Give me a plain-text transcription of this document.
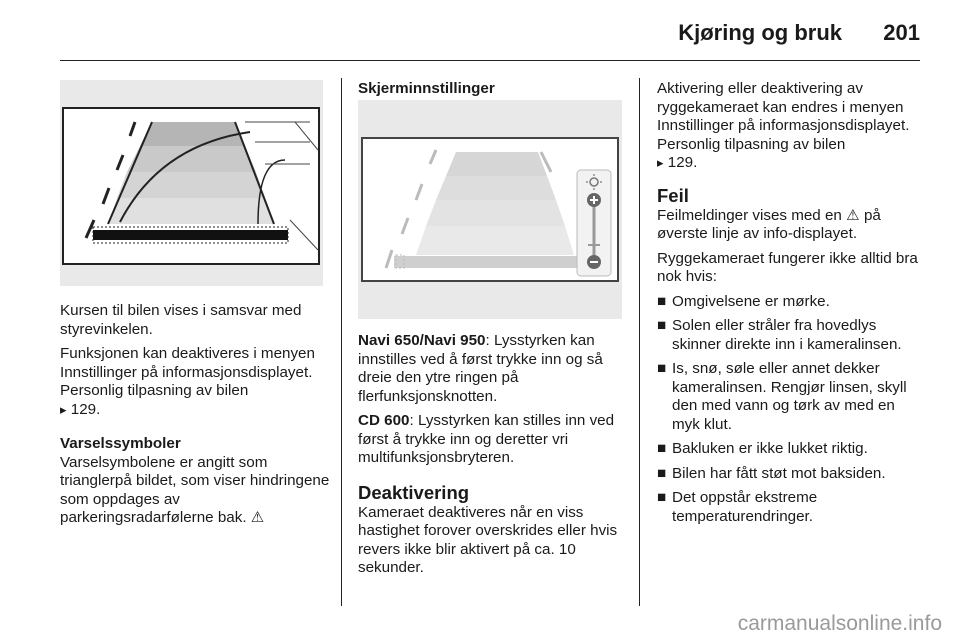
Kjøring og bruk 201

Kursen til bilen vises i samsvar med styrevinkelen.

Funksjonen kan deaktiveres i menyen Innstillinger på informasjonsdisplayet. Personlig tilpasning av bilen
▸ 129.

Varselssymboler

Varselsymbolene er angitt som trianglerpå bildet, som viser hindringene som oppdages av parkeringsradarfølerne bak. ⚠

Skjerminnstillinger

Navi 650/Navi 950: Lysstyrken kan innstilles ved å først trykke inn og så dreie den ytre ringen på flerfunksjonsknotten.

CD 600: Lysstyrken kan stilles inn ved først å trykke inn og deretter vri multifunksjonsbryteren.

Deaktivering

Kameraet deaktiveres når en viss hastighet forover overskrides eller hvis revers ikke blir aktivert på ca. 10 sekunder.

Aktivering eller deaktivering av ryggekameraet kan endres i menyen Innstillinger på informasjonsdisplayet. Personlig tilpasning av bilen
▸ 129.

Feil

Feilmeldinger vises med en ⚠ på øverste linje av info-displayet.

Ryggekameraet fungerer ikke alltid bra nok hvis:

■ Omgivelsene er mørke.
■ Solen eller stråler fra hovedlys skinner direkte inn i kameralinsen.
■ Is, snø, søle eller annet dekker kameralinsen. Rengjør linsen, skyll den med vann og tørk av med en myk klut.
■ Bakluken er ikke lukket riktig.
■ Bilen har fått støt mot baksiden.
■ Det oppstår ekstreme temperaturendringer.
carmanualsonline.info
